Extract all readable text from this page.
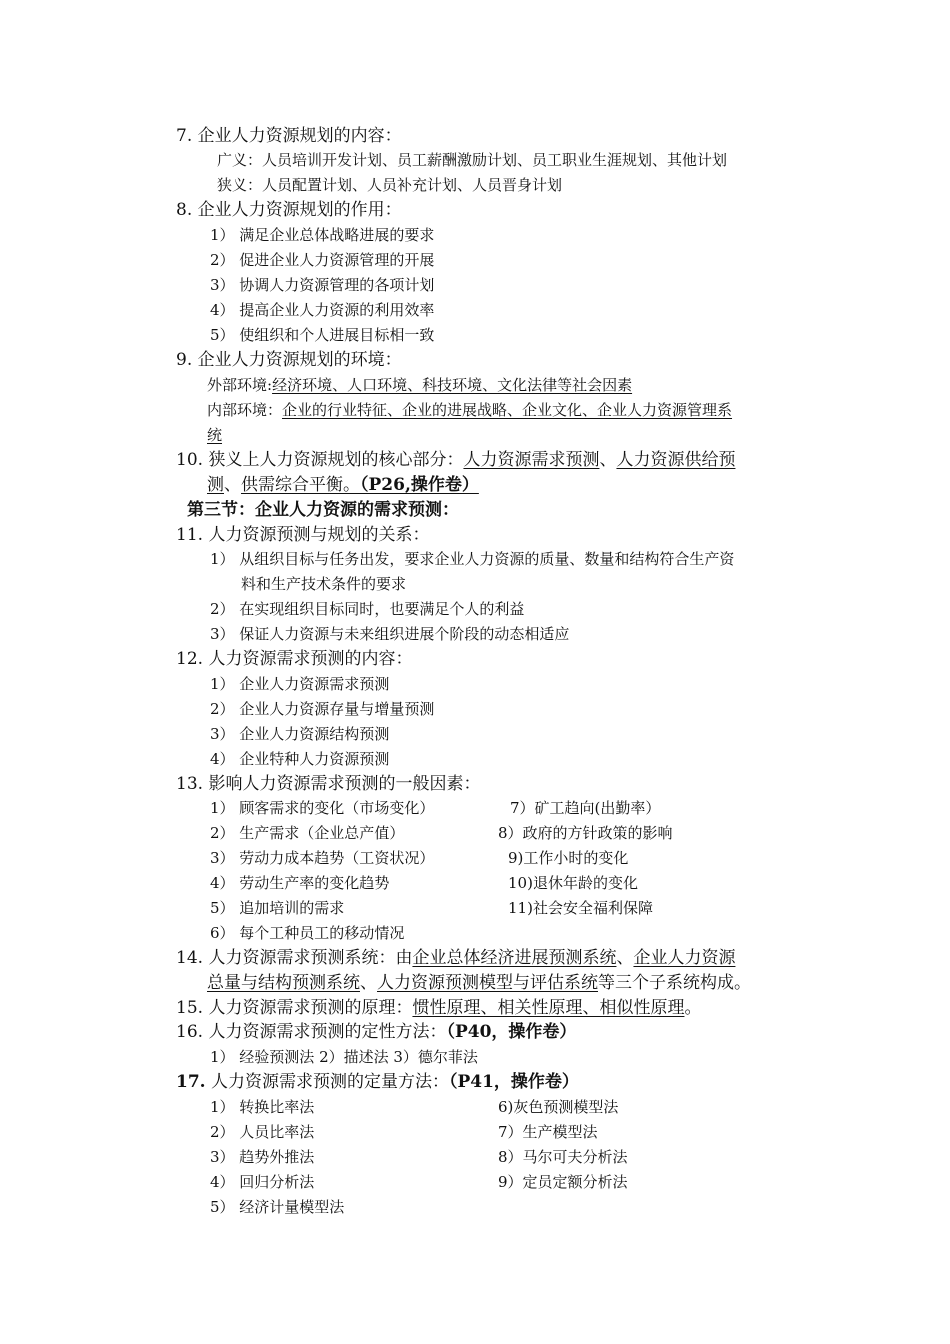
7. 企业人力资源规划的内容：
广义：人员培训开发计划、员工薪酬激励计划、员工职业生涯规划、其他计划
狭义：人员配置计划、人员补充计划、人员晋身计划
8. 企业人力资源规划的作用：
1） 满足企业总体战略进展的要求
2） 促进企业人力资源管理的开展
3） 协调人力资源管理的各项计划
4） 提高企业人力资源的利用效率
5） 使组织和个人进展目标相一致
9. 企业人力资源规划的环境：
外部环境:经济环境、人口环境、科技环境、文化法律等社会因素
内部环境：企业的行业特征、企业的进展战略、企业文化、企业人力资源管理系
统
10. 狭义上人力资源规划的核心部分：人力资源需求预测、人力资源供给预
测、供需综合平衡。（P26,操作卷）
第三节：企业人力资源的需求预测：
11. 人力资源预测与规划的关系：
1） 从组织目标与任务出发，要求企业人力资源的质量、数量和结构符合生产资
料和生产技术条件的要求
2） 在实现组织目标同时，也要满足个人的利益
3） 保证人力资源与未来组织进展个阶段的动态相适应
12. 人力资源需求预测的内容：
1） 企业人力资源需求预测
2） 企业人力资源存量与增量预测
3） 企业人力资源结构预测
4） 企业特种人力资源预测
13. 影响人力资源需求预测的一般因素：
1） 顾客需求的变化（市场变化）
2） 生产需求（企业总产值）
3） 劳动力成本趋势（工资状况）
4） 劳动生产率的变化趋势
5） 追加培训的需求
6） 每个工种员工的移动情况
7）矿工趋向(出勤率）
8）政府的方针政策的影响
9)工作小时的变化
10)退休年龄的变化
11)社会安全福利保障
14. 人力资源需求预测系统：由企业总体经济进展预测系统、企业人力资源
总量与结构预测系统、人力资源预测模型与评估系统等三个子系统构成。
15. 人力资源需求预测的原理：惯性原理、相关性原理、相似性原理。
16. 人力资源需求预测的定性方法：（P40，操作卷）
1） 经验预测法 2）描述法 3）德尔菲法
17. 人力资源需求预测的定量方法：（P41，操作卷）
1） 转换比率法
2） 人员比率法
3） 趋势外推法
4） 回归分析法
5） 经济计量模型法
6)灰色预测模型法
7）生产模型法
8）马尔可夫分析法
9）定员定额分析法
